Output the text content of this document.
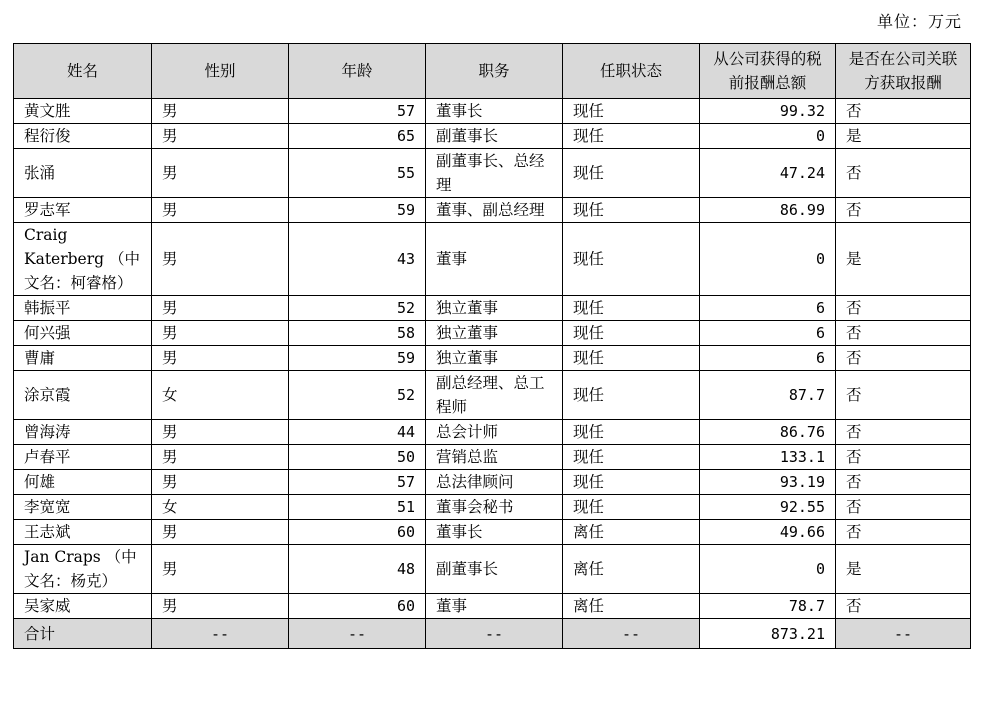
单位：万元
姓名	性别	年龄	职务	任职状态	从公司获得的税前报酬总额	是否在公司关联方获取报酬
黄文胜	男	57	董事长	现任	99.32	否
程衍俊	男	65	副董事长	现任	0	是
张涌	男	55	副董事长、总经理	现任	47.24	否
罗志军	男	59	董事、副总经理	现任	86.99	否
Craig Katerberg （中文名：柯睿格）	男	43	董事	现任	0	是
韩振平	男	52	独立董事	现任	6	否
何兴强	男	58	独立董事	现任	6	否
曹庸	男	59	独立董事	现任	6	否
涂京霞	女	52	副总经理、总工程师	现任	87.7	否
曾海涛	男	44	总会计师	现任	86.76	否
卢春平	男	50	营销总监	现任	133.1	否
何雄	男	57	总法律顾问	现任	93.19	否
李宽宽	女	51	董事会秘书	现任	92.55	否
王志斌	男	60	董事长	离任	49.66	否
Jan Craps （中文名：杨克）	男	48	副董事长	离任	0	是
吴家威	男	60	董事	离任	78.7	否
合计	--	--	--	--	873.21	--
